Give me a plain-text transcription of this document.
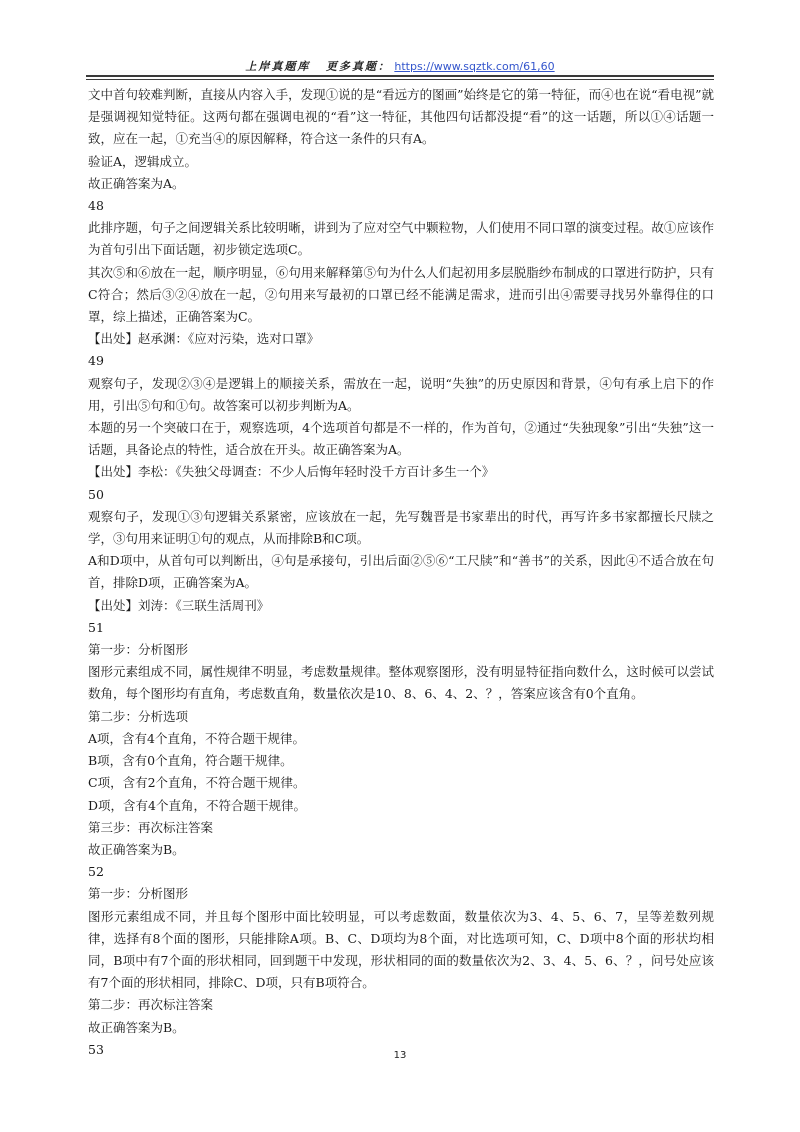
上岸真题库 更多真题： https://www.sqztk.com/61,60

文中首句较难判断，直接从内容入手，发现①说的是“看远方的图画”始终是它的第一特征，而④也在说“看电视”就是强调视知觉特征。这两句都在强调电视的“看”这一特征，其他四句话都没提“看”的这一话题，所以①④话题一致，应在一起，①充当④的原因解释，符合这一条件的只有A。

验证A，逻辑成立。

故正确答案为A。

48

此排序题，句子之间逻辑关系比较明晰，讲到为了应对空气中颗粒物，人们使用不同口罩的演变过程。故①应该作为首句引出下面话题，初步锁定选项C。

其次⑤和⑥放在一起，顺序明显，⑥句用来解释第⑤句为什么人们起初用多层脱脂纱布制成的口罩进行防护，只有C符合；然后③②④放在一起，②句用来写最初的口罩已经不能满足需求，进而引出④需要寻找另外靠得住的口罩，综上描述，正确答案为C。

【出处】赵承渊：《应对污染，选对口罩》

49

观察句子，发现②③④是逻辑上的顺接关系，需放在一起，说明“失独”的历史原因和背景，④句有承上启下的作用，引出⑤句和①句。故答案可以初步判断为A。

本题的另一个突破口在于，观察选项，4个选项首句都是不一样的，作为首句，②通过“失独现象”引出“失独”这一话题，具备论点的特性，适合放在开头。故正确答案为A。

【出处】李松：《失独父母调查：不少人后悔年轻时没千方百计多生一个》

50

观察句子，发现①③句逻辑关系紧密，应该放在一起，先写魏晋是书家辈出的时代，再写许多书家都擅长尺牍之学，③句用来证明①句的观点，从而排除B和C项。

A和D项中，从首句可以判断出，④句是承接句，引出后面②⑤⑥“工尺牍”和“善书”的关系，因此④不适合放在句首，排除D项，正确答案为A。

【出处】刘涛：《三联生活周刊》

51

第一步：分析图形

图形元素组成不同，属性规律不明显，考虑数量规律。整体观察图形，没有明显特征指向数什么，这时候可以尝试数角，每个图形均有直角，考虑数直角，数量依次是10、8、6、4、2、？，答案应该含有0个直角。

第二步：分析选项

A项，含有4个直角，不符合题干规律。

B项，含有0个直角，符合题干规律。

C项，含有2个直角，不符合题干规律。

D项，含有4个直角，不符合题干规律。

第三步：再次标注答案

故正确答案为B。

52

第一步：分析图形

图形元素组成不同，并且每个图形中面比较明显，可以考虑数面，数量依次为3、4、5、6、7，呈等差数列规律，选择有8个面的图形，只能排除A项。B、C、D项均为8个面，对比选项可知，C、D项中8个面的形状均相同，B项中有7个面的形状相同，回到题干中发现，形状相同的面的数量依次为2、3、4、5、6、？，问号处应该有7个面的形状相同，排除C、D项，只有B项符合。

第二步：再次标注答案

故正确答案为B。

53	13
